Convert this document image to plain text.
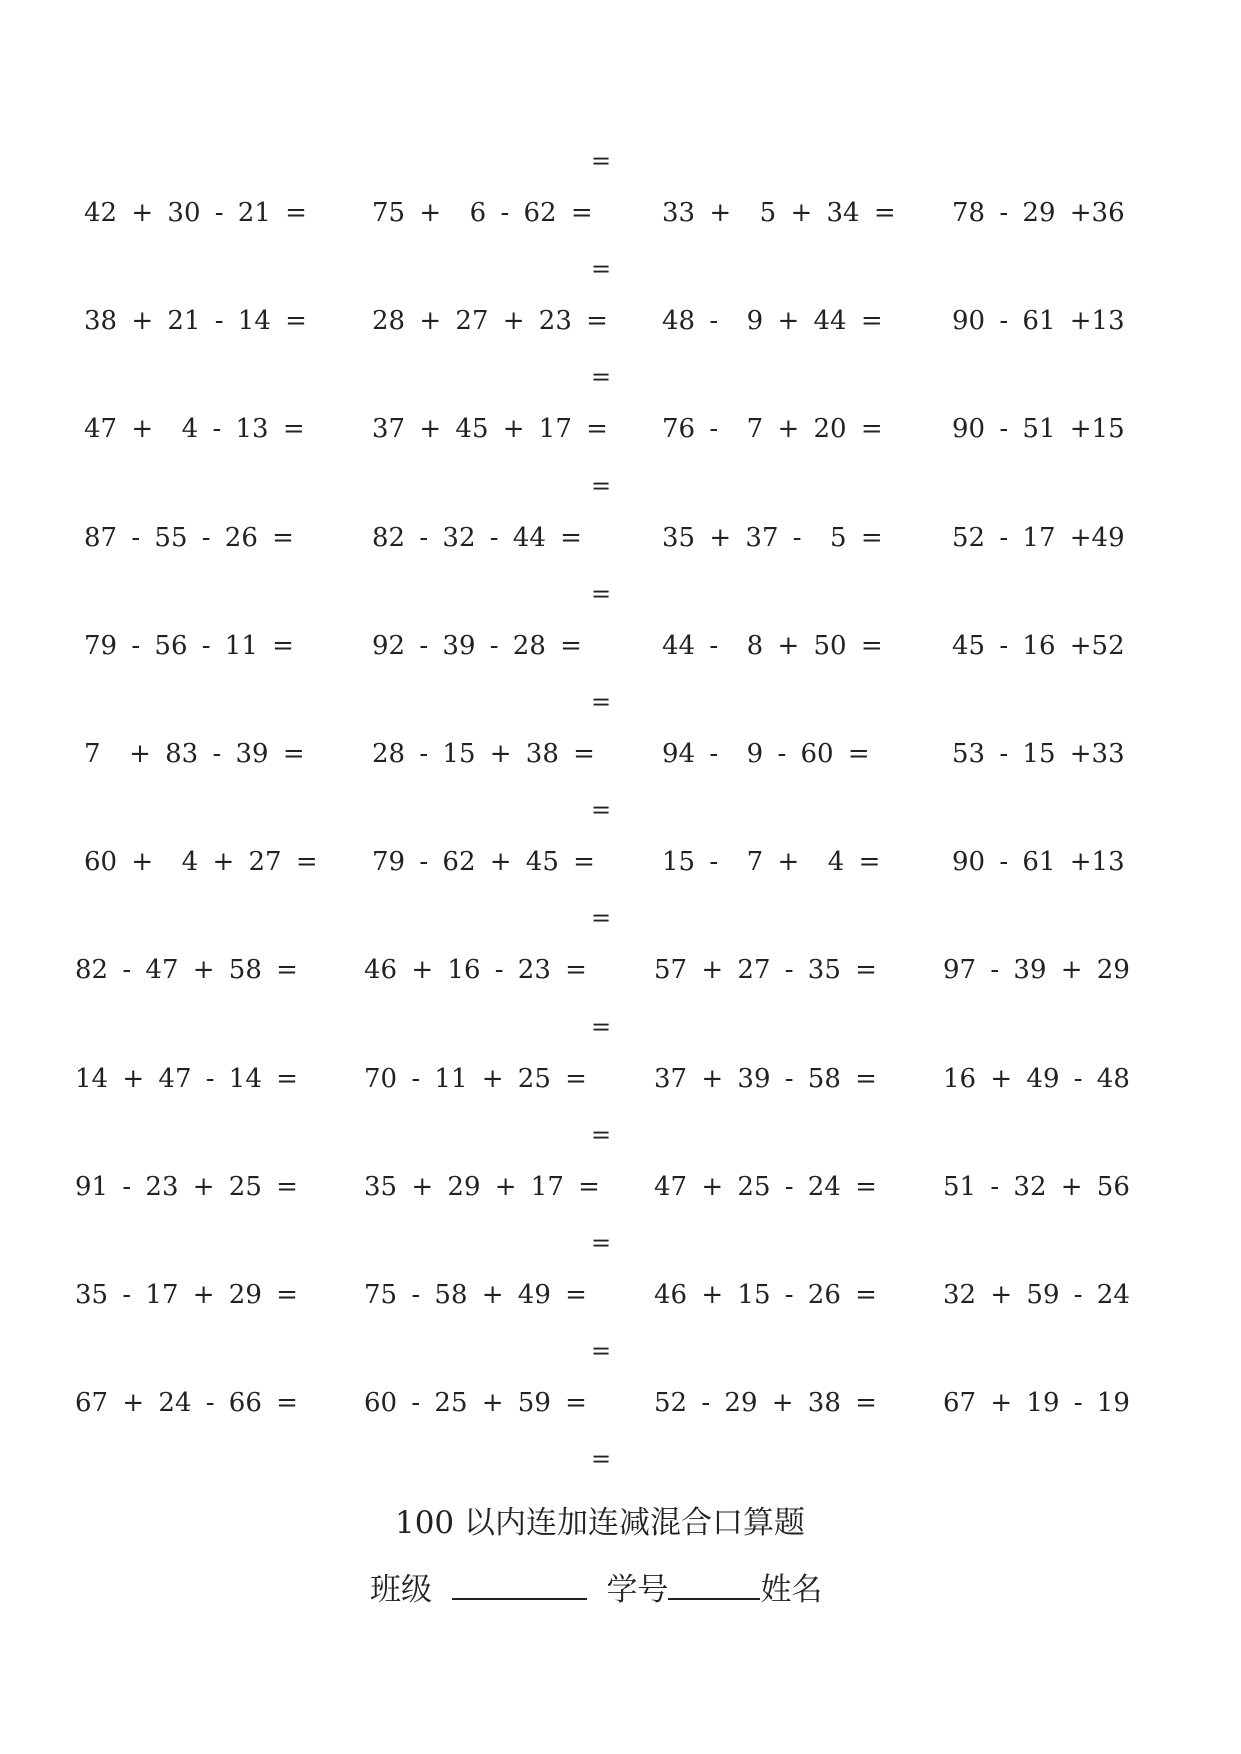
42 + 30 - 21 =	75 +  6 - 62 =	33 +  5 + 34 = 78 - 29 +36
38 + 21 - 14 =	28 + 27 + 23 = 48 -  9 + 44 =	90 - 61 +13
47 +  4 - 13 =	37 + 45 + 17 = 76 -  7 + 20 =	90 - 51 +15
87 - 55 - 26 =	82 - 32 - 44 =	35 + 37 -  5 =	52 - 17 +49
79 - 56 - 11 =	92 - 39 - 28 =	44 -  8 + 50 =	45 - 16 +52
7  + 83 - 39 =	28 - 15 + 38 =	94 -  9 - 60 =	53 - 15 +33
60 +  4 + 27 = 79 - 62 + 45 =	15 -  7 +  4 =	90 - 61 +13
82 - 47 + 58 =	46 + 16 - 23 =	57 + 27 - 35 =	97 - 39 + 29
14 + 47 - 14 =	70 - 11 + 25 =	37 + 39 - 58 =	16 + 49 - 48
91 - 23 + 25 =	35 + 29 + 17 = 47 + 25 - 24 =	51 - 32 + 56
35 - 17 + 29 =	75 - 58 + 49 =	46 + 15 - 26 =	32 + 59 - 24
67 + 24 - 66 =	60 - 25 + 59 =	52 - 29 + 38 =	67 + 19 - 19
=
=
=
=
=
=
=
=
=
=
=
=
=
100 以内连加连减混合口算题
班级	学号	姓名
